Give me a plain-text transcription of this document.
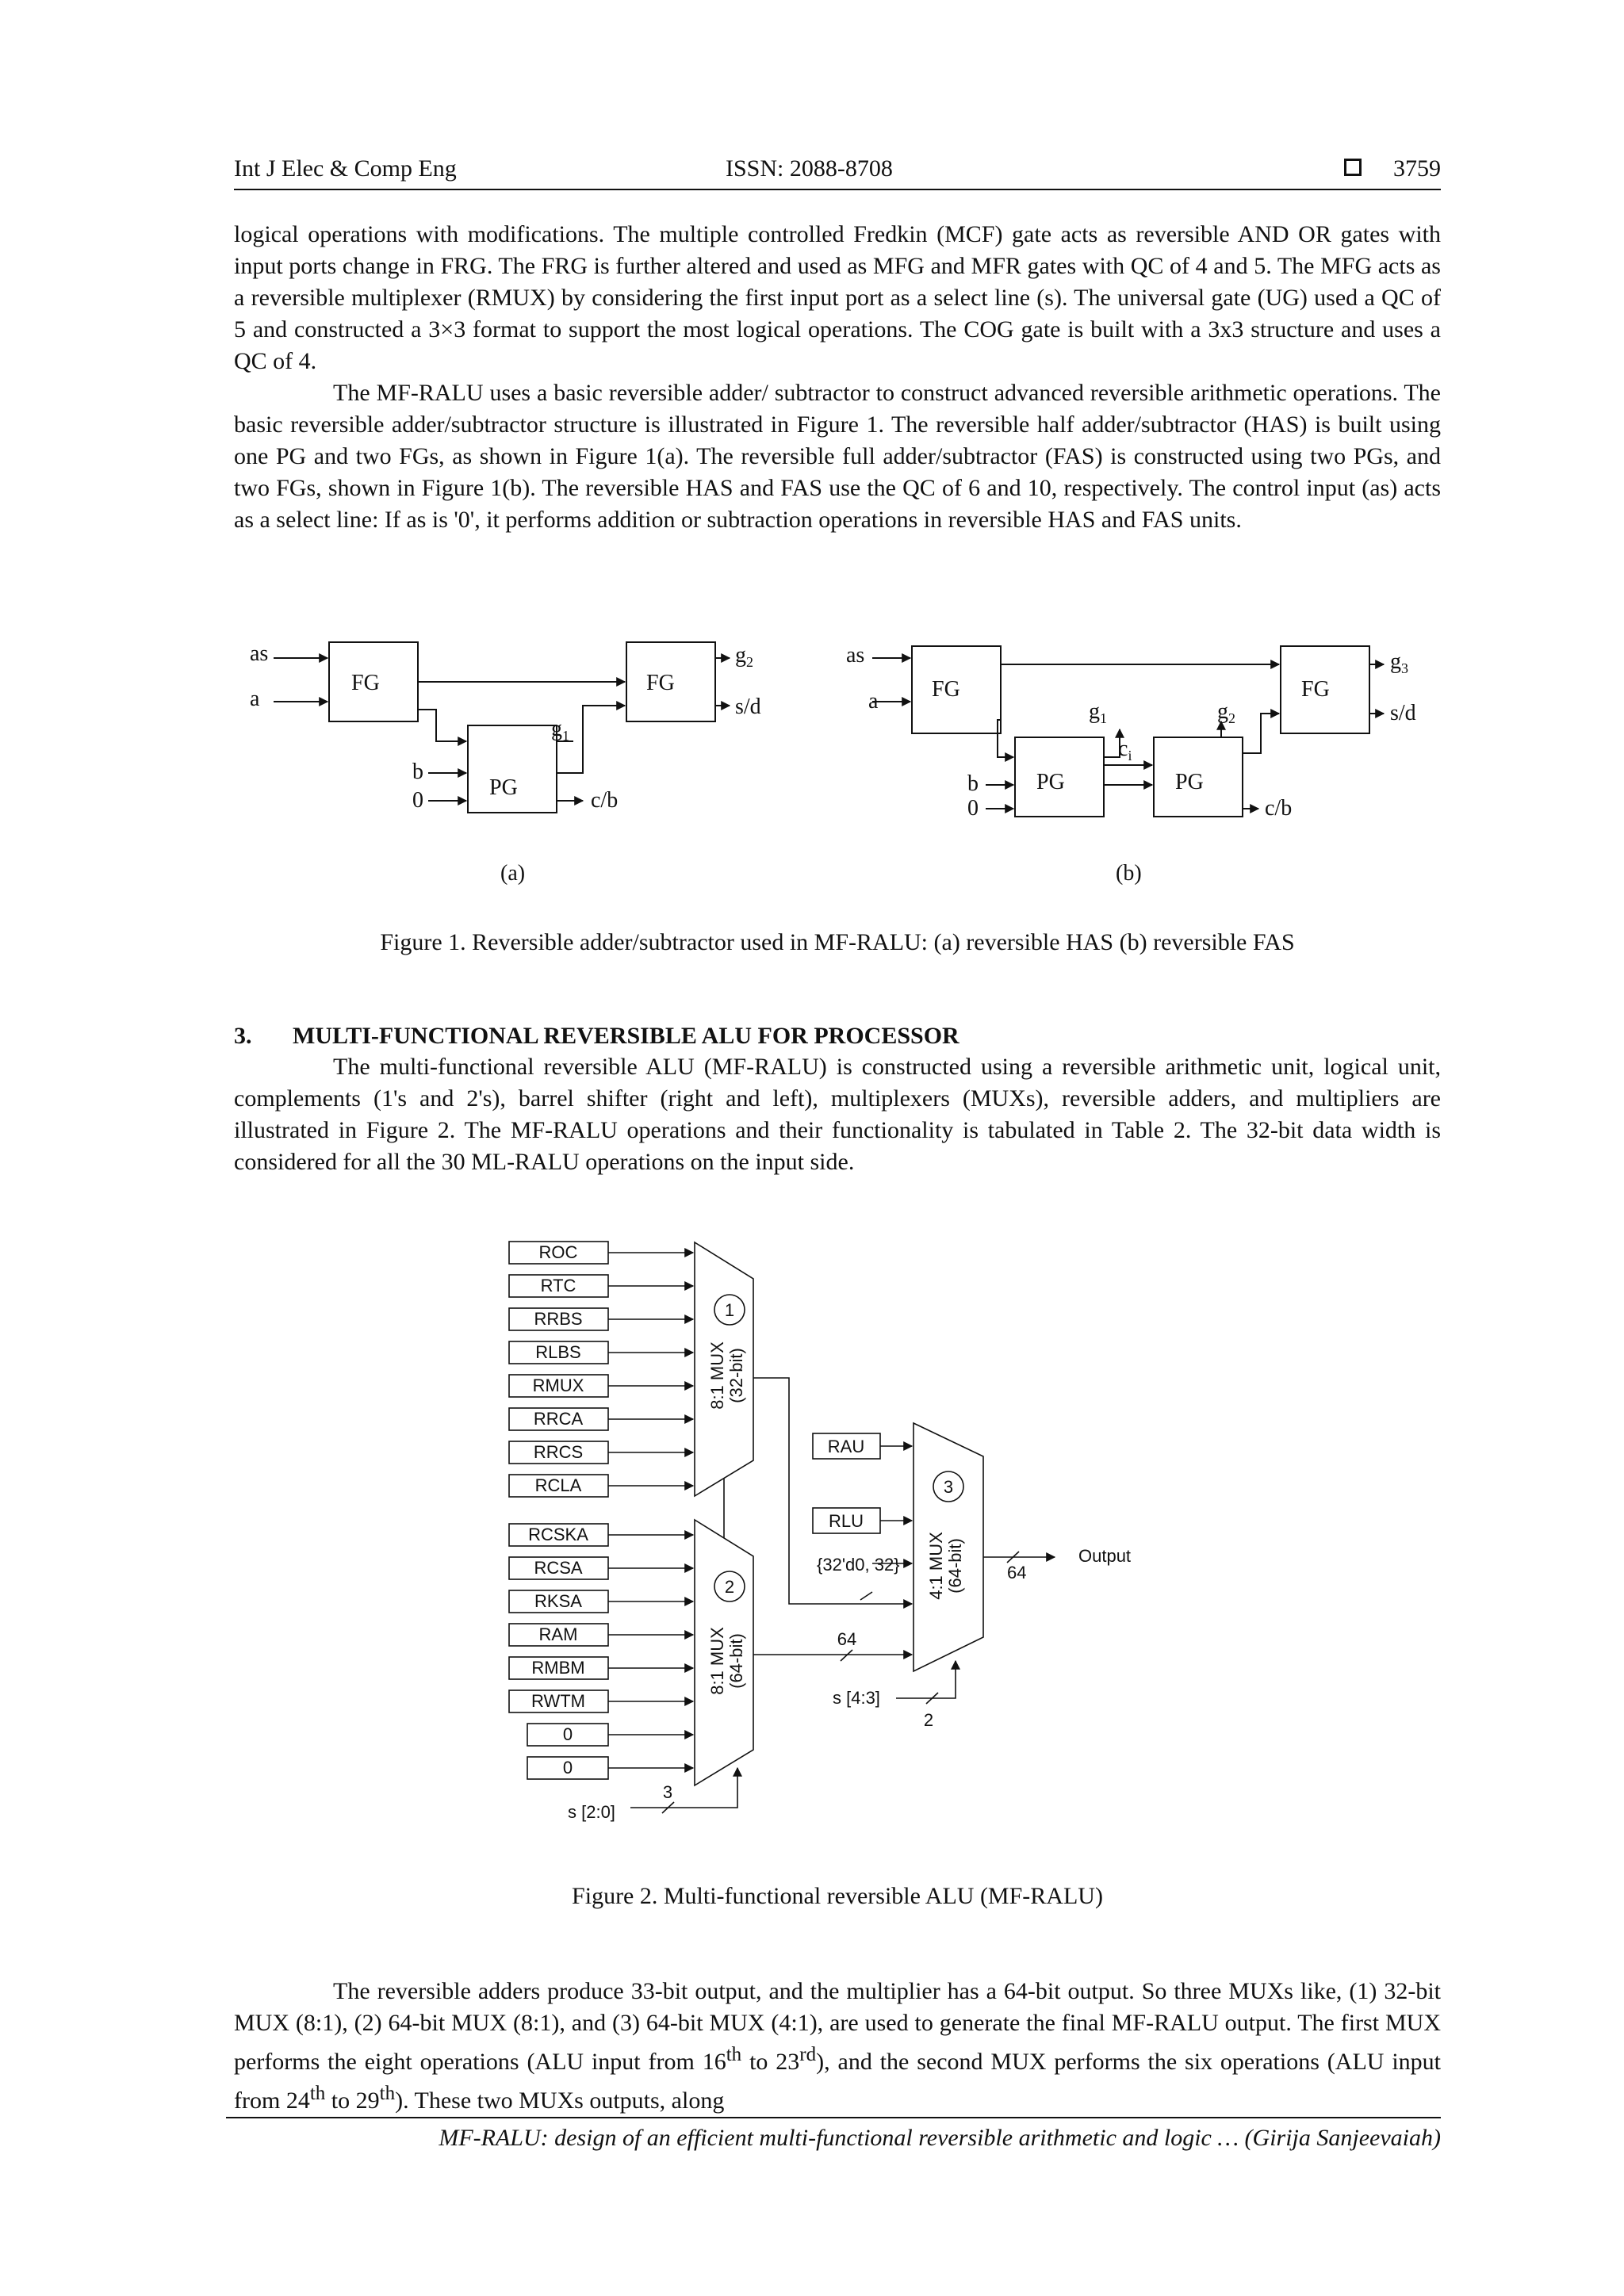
Int J Elec & Comp Eng	ISSN: 2088-8708	3759

logical operations with modifications. The multiple controlled Fredkin (MCF) gate acts as reversible AND OR gates with input ports change in FRG. The FRG is further altered and used as MFG and MFR gates with QC of 4 and 5. The MFG acts as a reversible multiplexer (RMUX) by considering the first input port as a select line (s). The universal gate (UG) used a QC of 5 and constructed a 3×3 format to support the most logical operations. The COG gate is built with a 3x3 structure and uses a QC of 4.

The MF-RALU uses a basic reversible adder/ subtractor to construct advanced reversible arithmetic operations. The basic reversible adder/subtractor structure is illustrated in Figure 1. The reversible half adder/subtractor (HAS) is built using one PG and two FGs, as shown in Figure 1(a). The reversible full adder/subtractor (FAS) is constructed using two PGs, and two FGs, shown in Figure 1(b). The reversible HAS and FAS use the QC of 6 and 10, respectively. The control input (as) acts as a select line: If as is '0', it performs addition or subtraction operations in reversible HAS and FAS units.

as
a
b
0
FG
PG
FG
$g_1$
$g_2$
s/d
c/b
(a)
as
a
b
0
FG
PG	PG
FG
$g_1$
$c_i$
$g_2$
$g_3$
s/d
c/b
(b)

Figure 1. Reversible adder/subtractor used in MF-RALU: (a) reversible HAS (b) reversible FAS

3. MULTI-FUNCTIONAL REVERSIBLE ALU FOR PROCESSOR

The multi-functional reversible ALU (MF-RALU) is constructed using a reversible arithmetic unit, logical unit, complements (1's and 2's), barrel shifter (right and left), multiplexers (MUXs), reversible adders, and multipliers are illustrated in Figure 2. The MF-RALU operations and their functionality is tabulated in Table 2. The 32-bit data width is considered for all the 30 ML-RALU operations on the input side.

ROC
RTC
RRBS
RLBS
RMUX
RRCA
RRCS
RCLA
RCSKA
RCSA
RKSA
RAM
RMBM
RWTM
0
0
1
2
3
8:1 MUX (32-bit)
8:1 MUX (64-bit)
4:1 MUX (64-bit)
RAU
RLU
{32'd0, 32}
64
64
Output
s [4:3]
2
s [2:0]
3

Figure 2. Multi-functional reversible ALU (MF-RALU)

The reversible adders produce 33-bit output, and the multiplier has a 64-bit output. So three MUXs like, (1) 32-bit MUX (8:1), (2) 64-bit MUX (8:1), and (3) 64-bit MUX (4:1), are used to generate the final MF-RALU output. The first MUX performs the eight operations (ALU input from 16th to 23rd), and the second MUX performs the six operations (ALU input from 24th to 29th). These two MUXs outputs, along

MF-RALU: design of an efficient multi-functional reversible arithmetic and logic … (Girija Sanjeevaiah)
